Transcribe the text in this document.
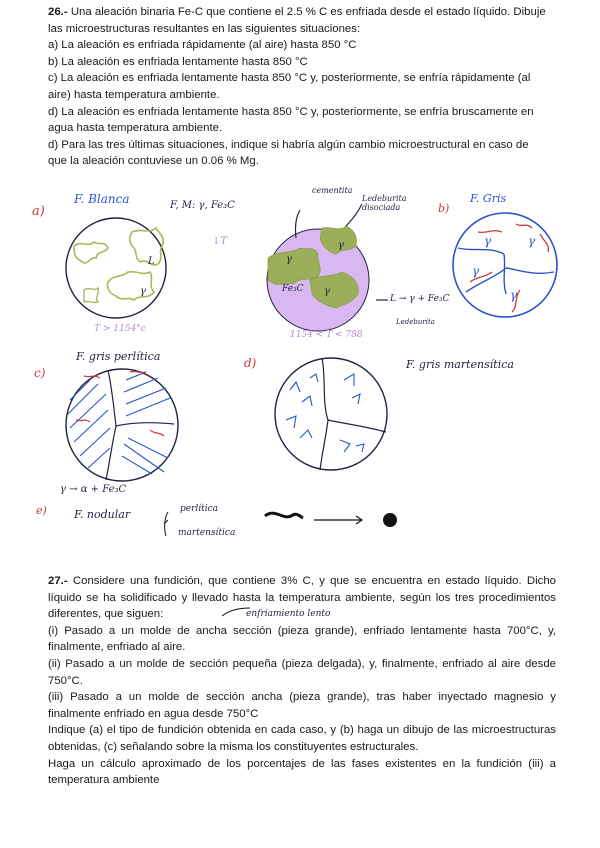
26.- Una aleación binaria Fe-C que contiene el 2.5 % C es enfriada desde el estado líquido. Dibuje

las microestructuras resultantes en las siguientes situaciones:

a) La aleación es enfriada rápidamente (al aire) hasta 850 °C

b) La aleación es enfriada lentamente hasta 850 °C

c) La aleación es enfriada lentamente hasta 850 °C y, posteriormente, se enfría rápidamente (al

aire) hasta temperatura ambiente.

d) La aleación es enfriada lentamente hasta 850 °C y, posteriormente, se enfría bruscamente en

agua hasta temperatura ambiente.

d) Para las tres últimas situaciones, indique si habría algún cambio microestructural en caso de

que la aleación contuviese un 0.06 % Mg.

a)
F. Blanca	F, M: γ, Fe₃C
L
γ
T > 1154°c
↓T
cementita
Ledeburita disociada	b)
F. Gris
γ
γ
γ
Fe₃C
L → γ + Fe₃C
Ledeburita
1154 < T < 788
γ	γ
γ
γ
c)
F. gris perlítica
γ → α + Fe₃C
d)	F. gris martensítica
e) F. nodular	perlítica
martensítica
enfriamiento lento

27.- Considere una fundición, que contiene 3% C, y que se encuentra en estado líquido. Dicho líquido se ha solidificado y llevado hasta la temperatura ambiente, según los tres procedimientos diferentes, que siguen:

(i) Pasado a un molde de ancha sección (pieza grande), enfriado lentamente hasta 700°C, y, finalmente, enfriado al aire.

(ii) Pasado a un molde de sección pequeña (pieza delgada), y, finalmente, enfriado al aire desde 750°C.

(iii) Pasado a un molde de sección ancha (pieza grande), tras haber inyectado magnesio y finalmente enfriado en agua desde 750°C

Indique (a) el tipo de fundición obtenida en cada caso, y (b) haga un dibujo de las microestructuras obtenidas, (c) señalando sobre la misma los constituyentes estructurales.

Haga un cálculo aproximado de los porcentajes de las fases existentes en la fundición (iii) a temperatura ambiente
